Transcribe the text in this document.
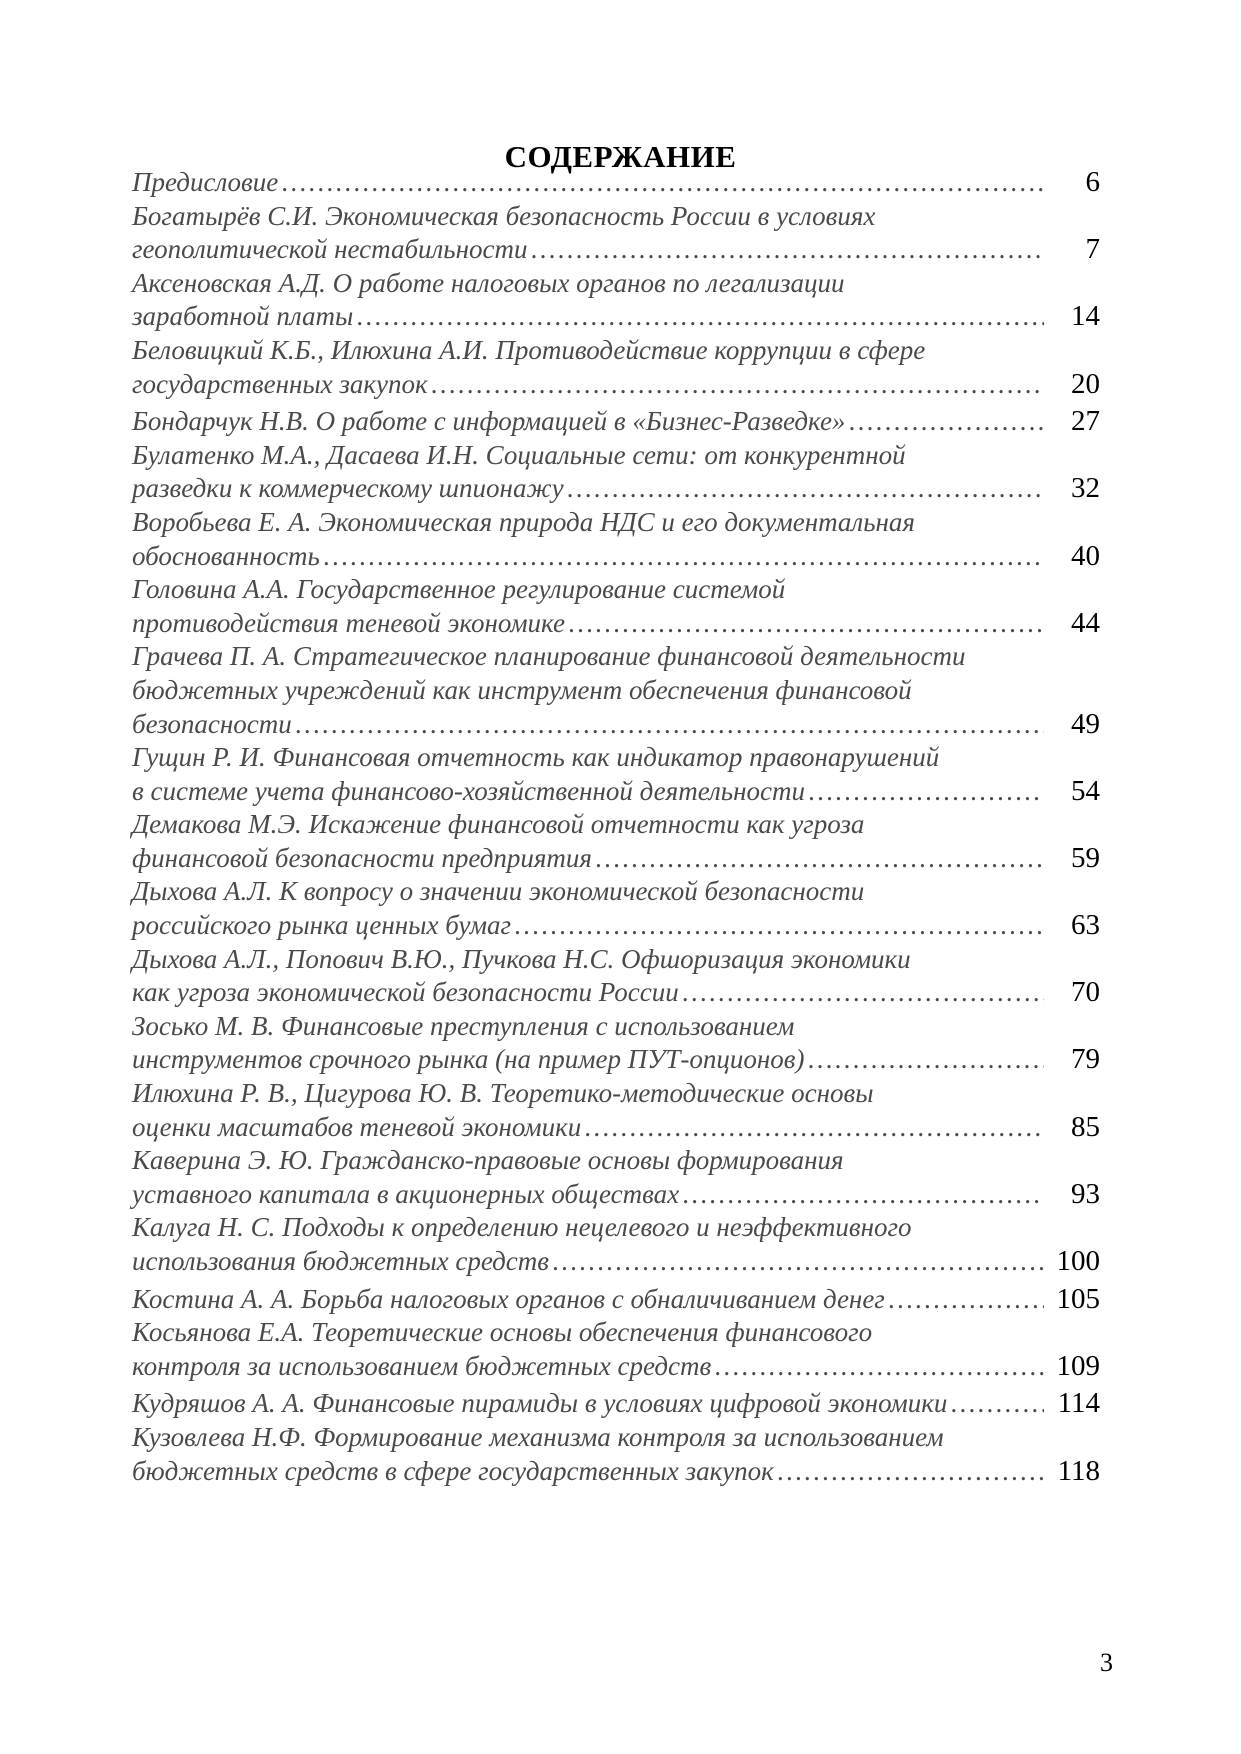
СОДЕРЖАНИЕ
Предисловие ……………………………………………………………………………………………………………………………………………………………………………………	6
Богатырёв С.И. Экономическая безопасность России в условиях
геополитической нестабильности ……………………………………………………………………………………………………………………………………………………………………………………	7
Аксеновская А.Д. О работе налоговых органов по легализации
заработной платы ……………………………………………………………………………………………………………………………………………………………………………………	14
Беловицкий К.Б., Илюхина А.И. Противодействие коррупции в сфере
государственных закупок ……………………………………………………………………………………………………………………………………………………………………………………	20
Бондарчук Н.В. О работе с информацией в «Бизнес-Разведке» ……………………………………………………………………………………………………………………………………………………………………………………	27
Булатенко М.А., Дасаева И.Н. Социальные сети: от конкурентной
разведки к коммерческому шпионажу ……………………………………………………………………………………………………………………………………………………………………………………	32
Воробьева Е. А. Экономическая природа НДС и его документальная
обоснованность ……………………………………………………………………………………………………………………………………………………………………………………	40
Головина А.А. Государственное регулирование системой
противодействия теневой экономике ……………………………………………………………………………………………………………………………………………………………………………………	44
Грачева П. А. Стратегическое планирование финансовой деятельности
бюджетных учреждений как инструмент обеспечения финансовой
безопасности ……………………………………………………………………………………………………………………………………………………………………………………	49
Гущин Р. И. Финансовая отчетность как индикатор правонарушений
в системе учета финансово-хозяйственной деятельности ……………………………………………………………………………………………………………………………………………………………………………………	54
Демакова М.Э. Искажение финансовой отчетности как угроза
финансовой безопасности предприятия ……………………………………………………………………………………………………………………………………………………………………………………	59
Дыхова А.Л. К вопросу о значении экономической безопасности
российского рынка ценных бумаг ……………………………………………………………………………………………………………………………………………………………………………………	63
Дыхова А.Л., Попович В.Ю., Пучкова Н.С. Офшоризация экономики
как угроза экономической безопасности России ……………………………………………………………………………………………………………………………………………………………………………………	70
Зосько М. В. Финансовые преступления с использованием
инструментов срочного рынка (на пример ПУТ-опционов) ……………………………………………………………………………………………………………………………………………………………………………………	79
Илюхина Р. В., Цигурова Ю. В. Теоретико-методические основы
оценки масштабов теневой экономики ……………………………………………………………………………………………………………………………………………………………………………………	85
Каверина Э. Ю. Гражданско-правовые основы формирования
уставного капитала в акционерных обществах ……………………………………………………………………………………………………………………………………………………………………………………	93
Калуга Н. С. Подходы к определению нецелевого и неэффективного
использования бюджетных средств ……………………………………………………………………………………………………………………………………………………………………………………	100
Костина А. А. Борьба налоговых органов с обналичиванием денег ……………………………………………………………………………………………………………………………………………………………………………………	105
Косьянова Е.А. Теоретические основы обеспечения финансового
контроля за использованием бюджетных средств ……………………………………………………………………………………………………………………………………………………………………………………	109
Кудряшов А. А. Финансовые пирамиды в условиях цифровой экономики ……………………………………………………………………………………………………………………………………………………………………………………	114
Кузовлева Н.Ф. Формирование механизма контроля за использованием
бюджетных средств в сфере государственных закупок ……………………………………………………………………………………………………………………………………………………………………………………	118
3
